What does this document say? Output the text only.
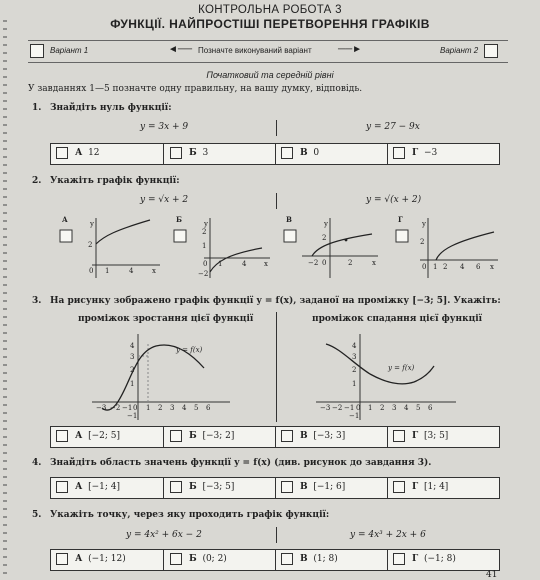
КОНТРОЛЬНА РОБОТА 3
ФУНКЦІЇ. НАЙПРОСТІШІ ПЕРЕТВОРЕННЯ ГРАФІКІВ
Варіант 1	◄── Позначте виконуваний варіант	──►	Варіант 2
Початковий та середній рівні
У завданнях 1—5 позначте одну правильну, на вашу думку, відповідь.
1. Знайдіть нуль функції:
y = 3x + 9	y = 27 − 9x
А 12	Б 3	В 0	Г −3
2. Укажіть графік функції:
y = √x + 2	y = √(x + 2)
А	y
2
0 1	4	x
Б	y
2
1
0 1	4	x
−2
В	y
2
−2 0	2	x
Г	y
2
0 1 2 4 6 x
3. На рисунку зображено графік функції y = f(x), заданої на проміжку [−3; 5]. Укажіть:
проміжок зростання цієї функції	проміжок спадання цієї функції
y = f(x)
4
3
2
1
−1
−3 −2 −1 0 1 2 3 4 5 6
y = f(x)
4
3
2
1
−1
−3 −2 −1 0 1 2 3 4 5 6
А [−2; 5]	Б [−3; 2]	В [−3; 3]	Г [3; 5]
4. Знайдіть область значень функції y = f(x) (див. рисунок до завдання 3).
А [−1; 4]	Б [−3; 5]	В [−1; 6]	Г [1; 4]
5. Укажіть точку, через яку проходить графік функції:
y = 4x² + 6x − 2	y = 4x³ + 2x + 6
А (−1; 12)	Б (0; 2)	В (1; 8)	Г (−1; 8)
41
